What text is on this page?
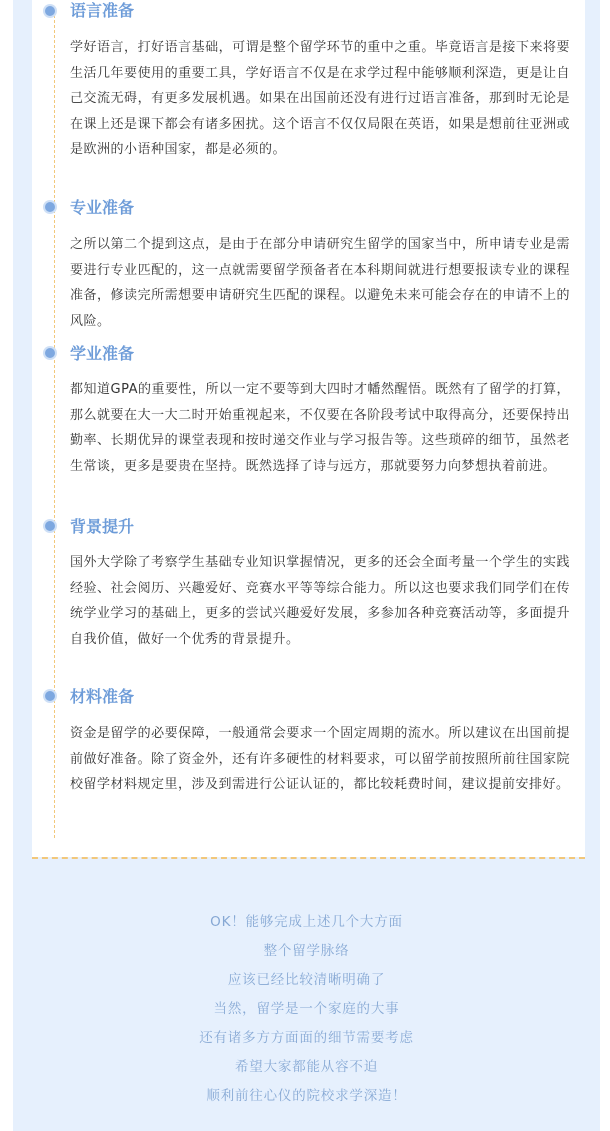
语言准备

学好语言，打好语言基础，可谓是整个留学环节的重中之重。毕竟语言是接下来将要生活几年要使用的重要工具，学好语言不仅是在求学过程中能够顺利深造，更是让自己交流无碍，有更多发展机遇。如果在出国前还没有进行过语言准备，那到时无论是在课上还是课下都会有诸多困扰。这个语言不仅仅局限在英语，如果是想前往亚洲或是欧洲的小语种国家，都是必须的。

专业准备

之所以第二个提到这点，是由于在部分申请研究生留学的国家当中，所申请专业是需要进行专业匹配的，这一点就需要留学预备者在本科期间就进行想要报读专业的课程准备，修读完所需想要申请研究生匹配的课程。以避免未来可能会存在的申请不上的风险。

学业准备

都知道GPA的重要性，所以一定不要等到大四时才幡然醒悟。既然有了留学的打算，那么就要在大一大二时开始重视起来，不仅要在各阶段考试中取得高分，还要保持出勤率、长期优异的课堂表现和按时递交作业与学习报告等。这些琐碎的细节，虽然老生常谈，更多是要贵在坚持。既然选择了诗与远方，那就要努力向梦想执着前进。

背景提升

国外大学除了考察学生基础专业知识掌握情况，更多的还会全面考量一个学生的实践经验、社会阅历、兴趣爱好、竞赛水平等等综合能力。所以这也要求我们同学们在传统学业学习的基础上，更多的尝试兴趣爱好发展，多参加各种竞赛活动等，多面提升自我价值，做好一个优秀的背景提升。

材料准备

资金是留学的必要保障，一般通常会要求一个固定周期的流水。所以建议在出国前提前做好准备。除了资金外，还有许多硬性的材料要求，可以留学前按照所前往国家院校留学材料规定里，涉及到需进行公证认证的，都比较耗费时间，建议提前安排好。

OK！能够完成上述几个大方面
整个留学脉络
应该已经比较清晰明确了
当然，留学是一个家庭的大事
还有诸多方方面面的细节需要考虑
希望大家都能从容不迫
顺利前往心仪的院校求学深造！
